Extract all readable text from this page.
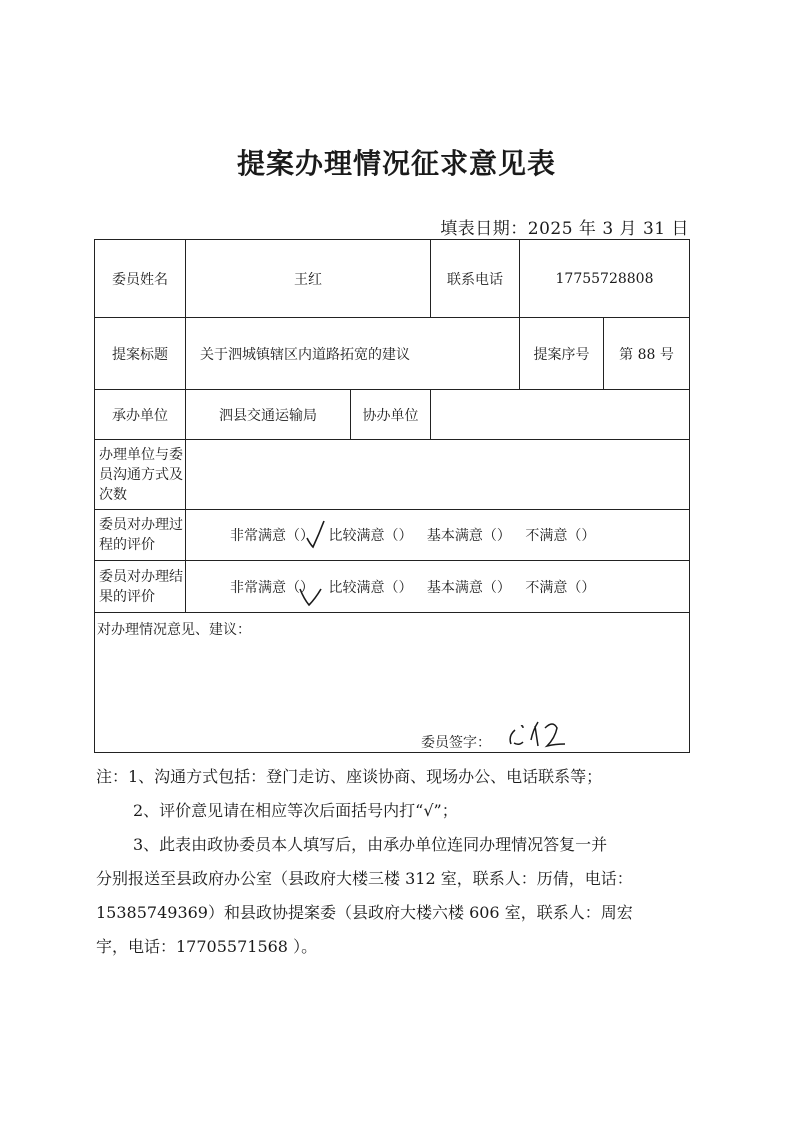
提案办理情况征求意见表
填表日期：2025 年 3 月 31 日
委员姓名	王红		联系电话	17755728808	
提案标题	关于泗城镇辖区内道路拓宽的建议			提案序号	第 88 号
承办单位	泗县交通运输局	协办单位			
办理单位与委员沟通方式及次数					
委员对办理过程的评价	非常满意（） 比较满意（） 基本满意（） 不满意（）				

委员对办理结果的评价	非常满意（） 比较满意（） 基本满意（） 不满意（）				

对办理情况意见、建议：
委员签字：					

注：1、沟通方式包括：登门走访、座谈协商、现场办公、电话联系等；

2、评价意见请在相应等次后面括号内打“√”；

3、此表由政协委员本人填写后，由承办单位连同办理情况答复一并

分别报送至县政府办公室（县政府大楼三楼 312 室，联系人：历倩，电话：

15385749369）和县政协提案委（县政府大楼六楼 606 室，联系人：周宏

宇，电话：17705571568 ）。
